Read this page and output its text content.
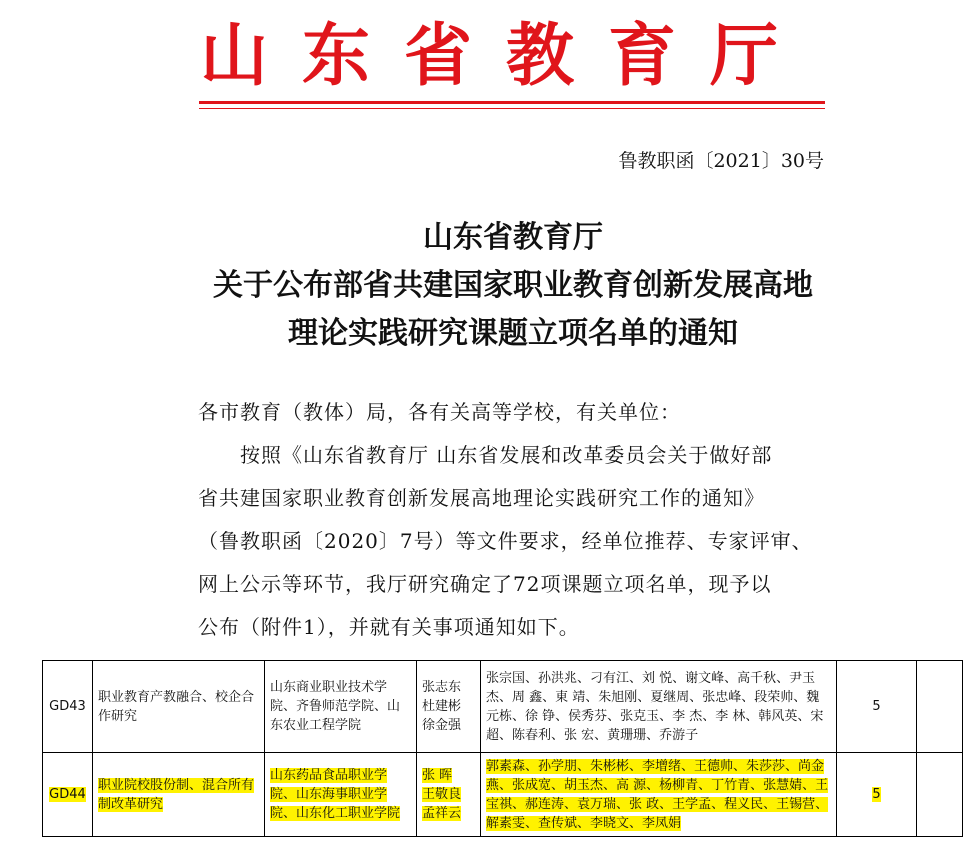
山东省教育厅
鲁教职函〔2021〕30号
山东省教育厅
关于公布部省共建国家职业教育创新发展高地
理论实践研究课题立项名单的通知
各市教育（教体）局，各有关高等学校，有关单位：
按照《山东省教育厅 山东省发展和改革委员会关于做好部
省共建国家职业教育创新发展高地理论实践研究工作的通知》
（鲁教职函〔2020〕7号）等文件要求，经单位推荐、专家评审、
网上公示等环节，我厅研究确定了72项课题立项名单，现予以
公布（附件1），并就有关事项通知如下。
GD43	职业教育产教融合、校企合作研究	山东商业职业技术学院、齐鲁师范学院、山东农业工程学院	张志东
杜建彬
徐金强	张宗国、孙洪兆、刁有江、刘 悦、谢文峰、高千秋、尹玉杰、周 鑫、東 靖、朱旭刚、夏继周、张忠峰、段荣帅、魏元栋、徐 铮、侯秀芬、张克玉、李 杰、李 林、韩风英、宋 超、陈春利、张 宏、黄珊珊、乔游子	5	
GD44	职业院校股份制、混合所有制改革研究	山东药品食品职业学院、山东海事职业学院、山东化工职业学院	张 晖
王敬良
孟祥云	郭素森、孙学朋、朱彬彬、李增绪、王德帅、朱莎莎、尚金燕、张成宽、胡玉杰、高 源、杨柳青、丁竹青、张慧婧、王宝祺、郝连涛、袁万瑞、张 政、王学孟、程义民、王锡营、解素雯、查传斌、李晓文、李凤娟	5	
